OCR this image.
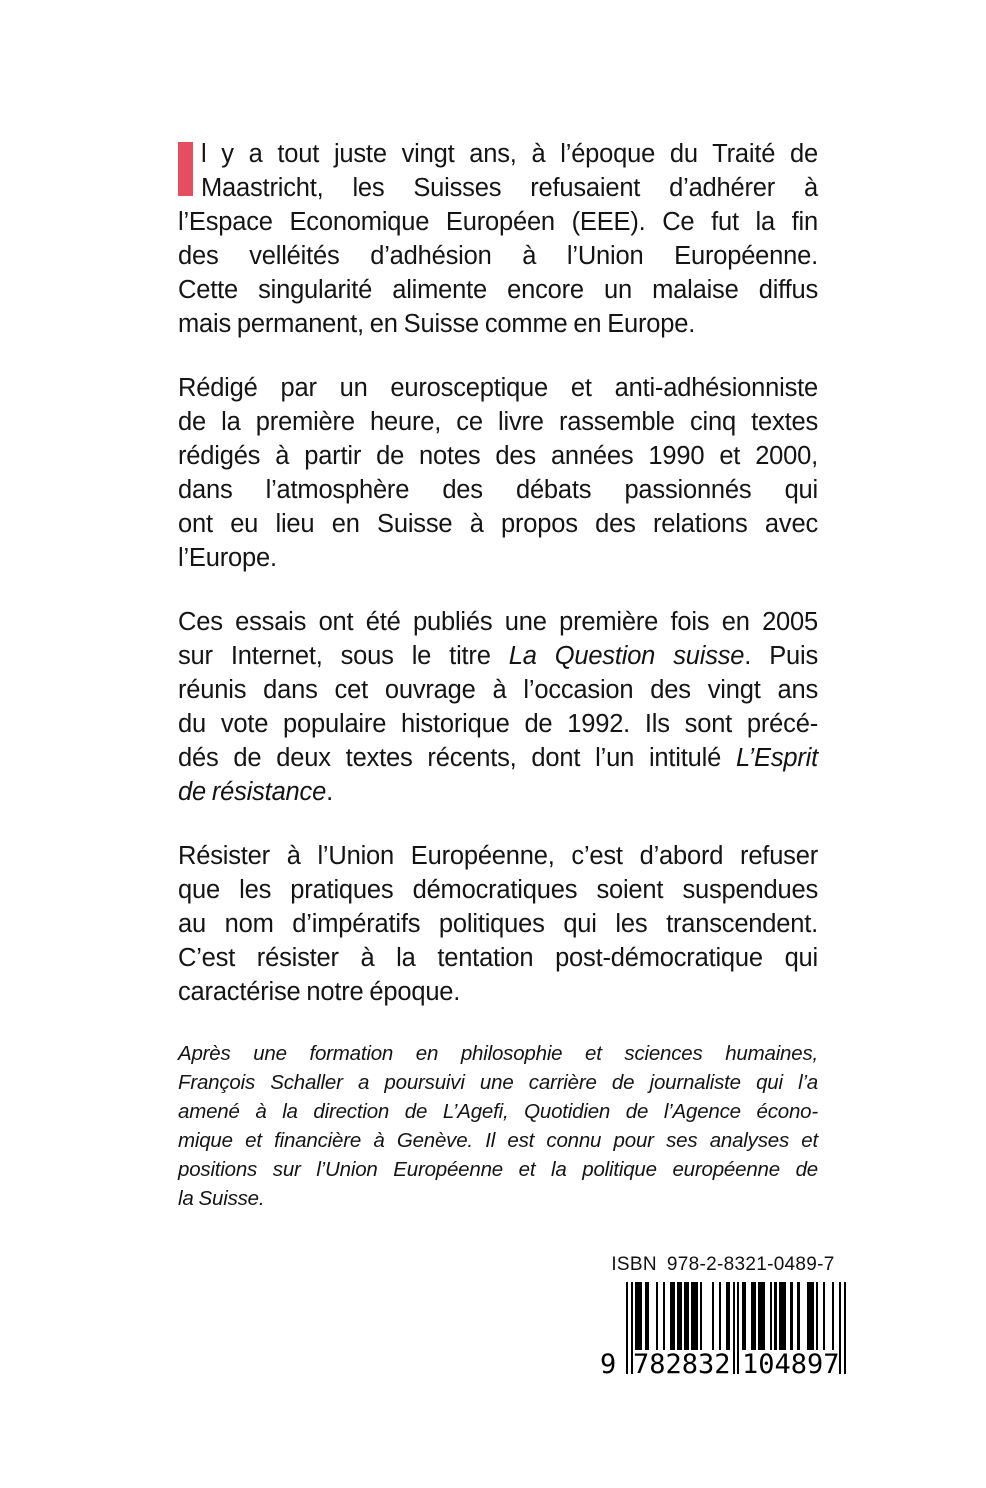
l y a tout juste vingt ans, à l’époque du Traité de
Maastricht, les Suisses refusaient d’adhérer à
l’Espace Economique Européen (EEE). Ce fut la fin
des velléités d’adhésion à l’Union Européenne.
Cette singularité alimente encore un malaise diffus
mais permanent, en Suisse comme en Europe.
Rédigé par un eurosceptique et anti-adhésionniste
de la première heure, ce livre rassemble cinq textes
rédigés à partir de notes des années 1990 et 2000,
dans l’atmosphère des débats passionnés qui
ont eu lieu en Suisse à propos des relations avec
l’Europe.
Ces essais ont été publiés une première fois en 2005
sur Internet, sous le titre La Question suisse. Puis
réunis dans cet ouvrage à l’occasion des vingt ans
du vote populaire historique de 1992. Ils sont précé-
dés de deux textes récents, dont l’un intitulé L’Esprit
de résistance.
Résister à l’Union Européenne, c’est d’abord refuser
que les pratiques démocratiques soient suspendues
au nom d’impératifs politiques qui les transcendent.
C’est résister à la tentation post-démocratique qui
caractérise notre époque.
Après une formation en philosophie et sciences humaines,
François Schaller a poursuivi une carrière de journaliste qui l’a
amené à la direction de L’Agefi, Quotidien de l’Agence écono-
mique et financière à Genève. Il est connu pour ses analyses et
positions sur l’Union Européenne et la politique européenne de
la Suisse.
ISBN 978-2-8321-0489-7
9 782832 104897
